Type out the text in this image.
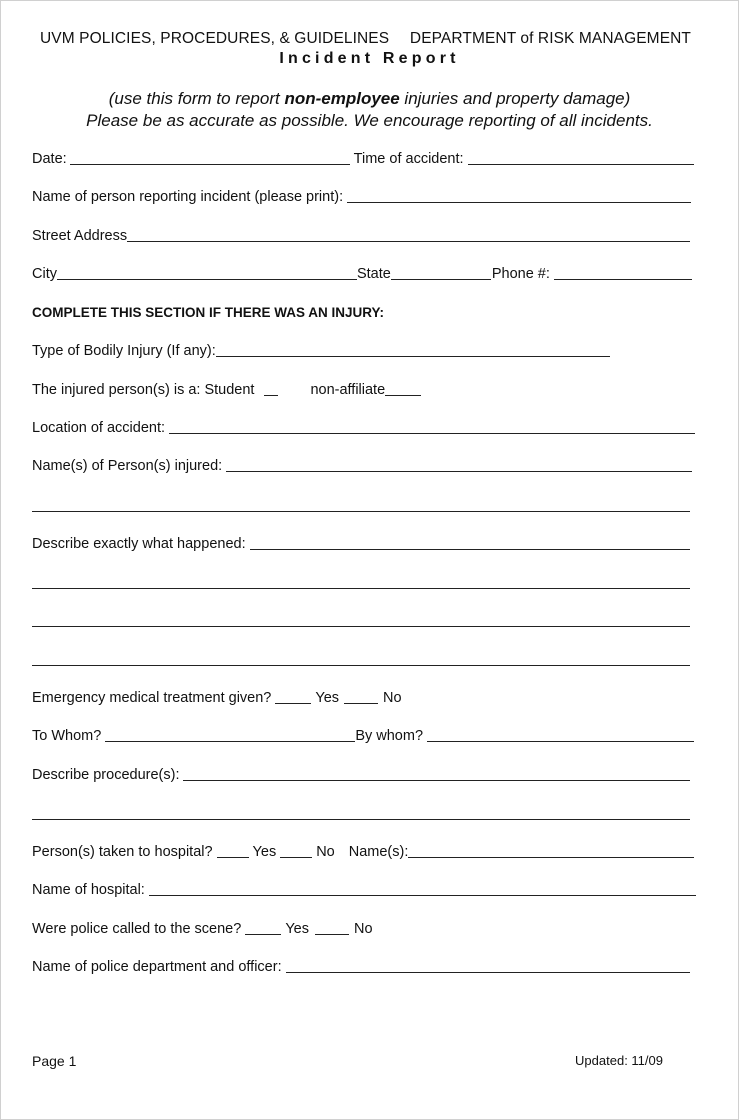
UVM POLICIES, PROCEDURES, & GUIDELINES DEPARTMENT of RISK MANAGEMENT
Incident Report
(use this form to report non-employee injuries and property damage)
Please be as accurate as possible. We encourage reporting of all incidents.
Date:	Time of accident:
Name of person reporting incident (please print):
Street Address
City	State	Phone #:
COMPLETE THIS SECTION IF THERE WAS AN INJURY:
Type of Bodily Injury (If any):
The injured person(s) is a: Student	non-affiliate
Location of accident:
Name(s) of Person(s) injured:
Describe exactly what happened:
Emergency medical treatment given?	Yes	No
To Whom?	By whom?
Describe procedure(s):
Person(s) taken to hospital?	Yes	No Name(s):
Name of hospital:
Were police called to the scene?	Yes	No
Name of police department and officer:
Page 1	Updated: 11/09
